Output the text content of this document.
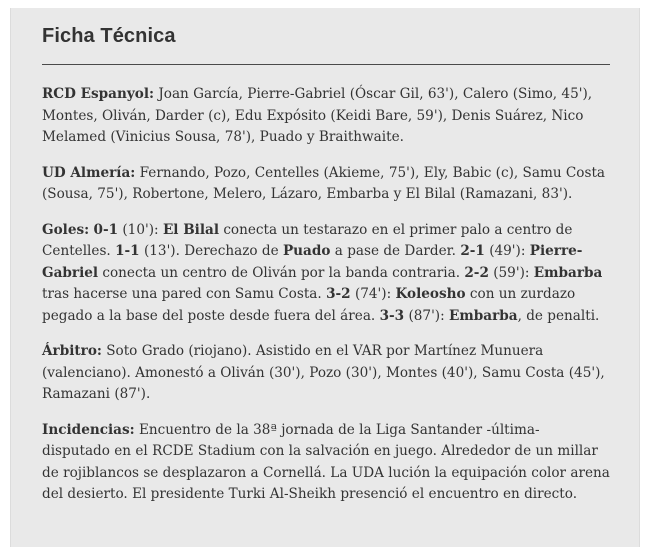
Ficha Técnica

RCD Espanyol: Joan García, Pierre-Gabriel (Óscar Gil, 63'), Calero (Simo, 45'), Montes, Oliván, Darder (c), Edu Expósito (Keidi Bare, 59'), Denis Suárez, Nico Melamed (Vinicius Sousa, 78'), Puado y Braithwaite.

UD Almería: Fernando, Pozo, Centelles (Akieme, 75'), Ely, Babic (c), Samu Costa (Sousa, 75'), Robertone, Melero, Lázaro, Embarba y El Bilal (Ramazani, 83').

Goles: 0-1 (10'): El Bilal conecta un testarazo en el primer palo a centro de Centelles. 1-1 (13'). Derechazo de Puado a pase de Darder. 2-1 (49'): Pierre-Gabriel conecta un centro de Oliván por la banda contraria. 2-2 (59'): Embarba tras hacerse una pared con Samu Costa. 3-2 (74'): Koleosho con un zurdazo pegado a la base del poste desde fuera del área. 3-3 (87'): Embarba, de penalti.

Árbitro: Soto Grado (riojano). Asistido en el VAR por Martínez Munuera (valenciano). Amonestó a Oliván (30'), Pozo (30'), Montes (40'), Samu Costa (45'), Ramazani (87').

Incidencias: Encuentro de la 38ª jornada de la Liga Santander -última- disputado en el RCDE Stadium con la salvación en juego. Alrededor de un millar de rojiblancos se desplazaron a Cornellá. La UDA lución la equipación color arena del desierto. El presidente Turki Al-Sheikh presenció el encuentro en directo.
